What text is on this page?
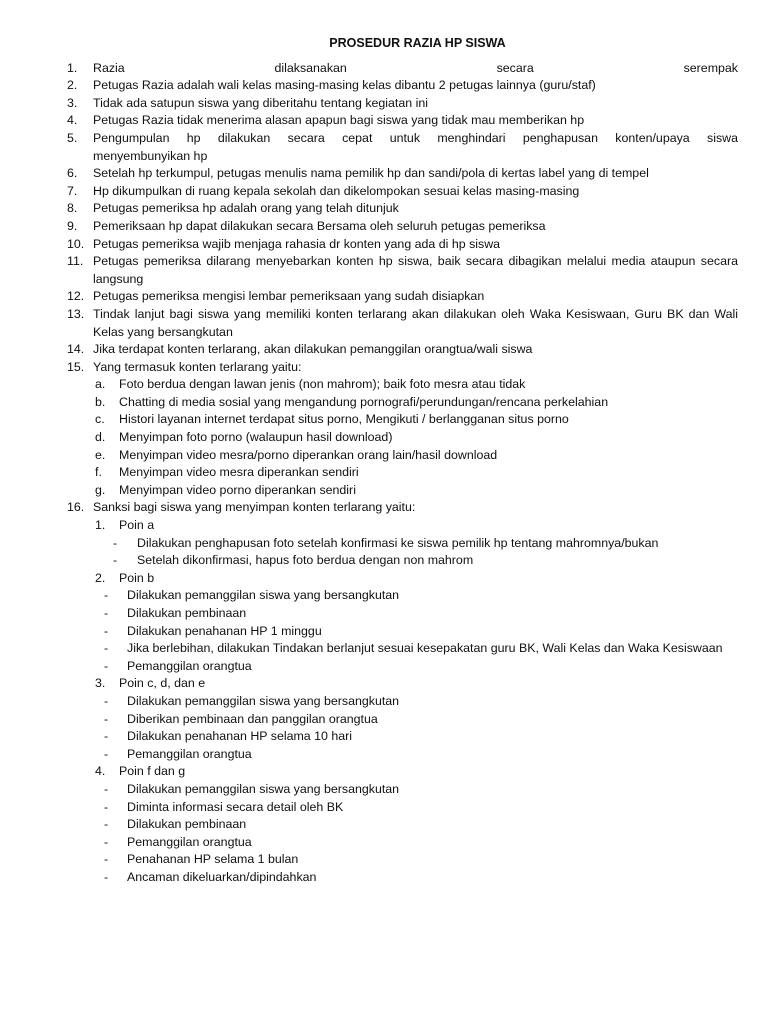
PROSEDUR RAZIA HP SISWA
1. Razia dilaksanakan secara serempak
2. Petugas Razia adalah wali kelas masing-masing kelas dibantu 2 petugas lainnya (guru/staf)
3. Tidak ada satupun siswa yang diberitahu tentang kegiatan ini
4. Petugas Razia tidak menerima alasan apapun bagi siswa yang tidak mau memberikan hp
5. Pengumpulan hp dilakukan secara cepat untuk menghindari penghapusan konten/upaya siswa
menyembunyikan hp
6. Setelah hp terkumpul, petugas menulis nama pemilik hp dan sandi/pola di kertas label yang di tempel
7. Hp dikumpulkan di ruang kepala sekolah dan dikelompokan sesuai kelas masing-masing
8. Petugas pemeriksa hp adalah orang yang telah ditunjuk
9. Pemeriksaan hp dapat dilakukan secara Bersama oleh seluruh petugas pemeriksa
10. Petugas pemeriksa wajib menjaga rahasia dr konten yang ada di hp siswa
11. Petugas pemeriksa dilarang menyebarkan konten hp siswa, baik secara dibagikan melalui media ataupun secara
langsung
12. Petugas pemeriksa mengisi lembar pemeriksaan yang sudah disiapkan
13. Tindak lanjut bagi siswa yang memiliki konten terlarang akan dilakukan oleh Waka Kesiswaan, Guru BK dan Wali
Kelas yang bersangkutan
14. Jika terdapat konten terlarang, akan dilakukan pemanggilan orangtua/wali siswa
15. Yang termasuk konten terlarang yaitu:
a. Foto berdua dengan lawan jenis (non mahrom); baik foto mesra atau tidak
b. Chatting di media sosial yang mengandung pornografi/perundungan/rencana perkelahian
c. Histori layanan internet terdapat situs porno, Mengikuti / berlangganan situs porno
d. Menyimpan foto porno (walaupun hasil download)
e. Menyimpan video mesra/porno diperankan orang lain/hasil download
f. Menyimpan video mesra diperankan sendiri
g. Menyimpan video porno diperankan sendiri
16. Sanksi bagi siswa yang menyimpan konten terlarang yaitu:
1. Poin a
- Dilakukan penghapusan foto setelah konfirmasi ke siswa pemilik hp tentang mahromnya/bukan
- Setelah dikonfirmasi, hapus foto berdua dengan non mahrom
2. Poin b
- Dilakukan pemanggilan siswa yang bersangkutan
- Dilakukan pembinaan
- Dilakukan penahanan HP 1 minggu
- Jika berlebihan, dilakukan Tindakan berlanjut sesuai kesepakatan guru BK, Wali Kelas dan Waka Kesiswaan
- Pemanggilan orangtua
3. Poin c, d, dan e
- Dilakukan pemanggilan siswa yang bersangkutan
- Diberikan pembinaan dan panggilan orangtua
- Dilakukan penahanan HP selama 10 hari
- Pemanggilan orangtua
4. Poin f dan g
- Dilakukan pemanggilan siswa yang bersangkutan
- Diminta informasi secara detail oleh BK
- Dilakukan pembinaan
- Pemanggilan orangtua
- Penahanan HP selama 1 bulan
- Ancaman dikeluarkan/dipindahkan
